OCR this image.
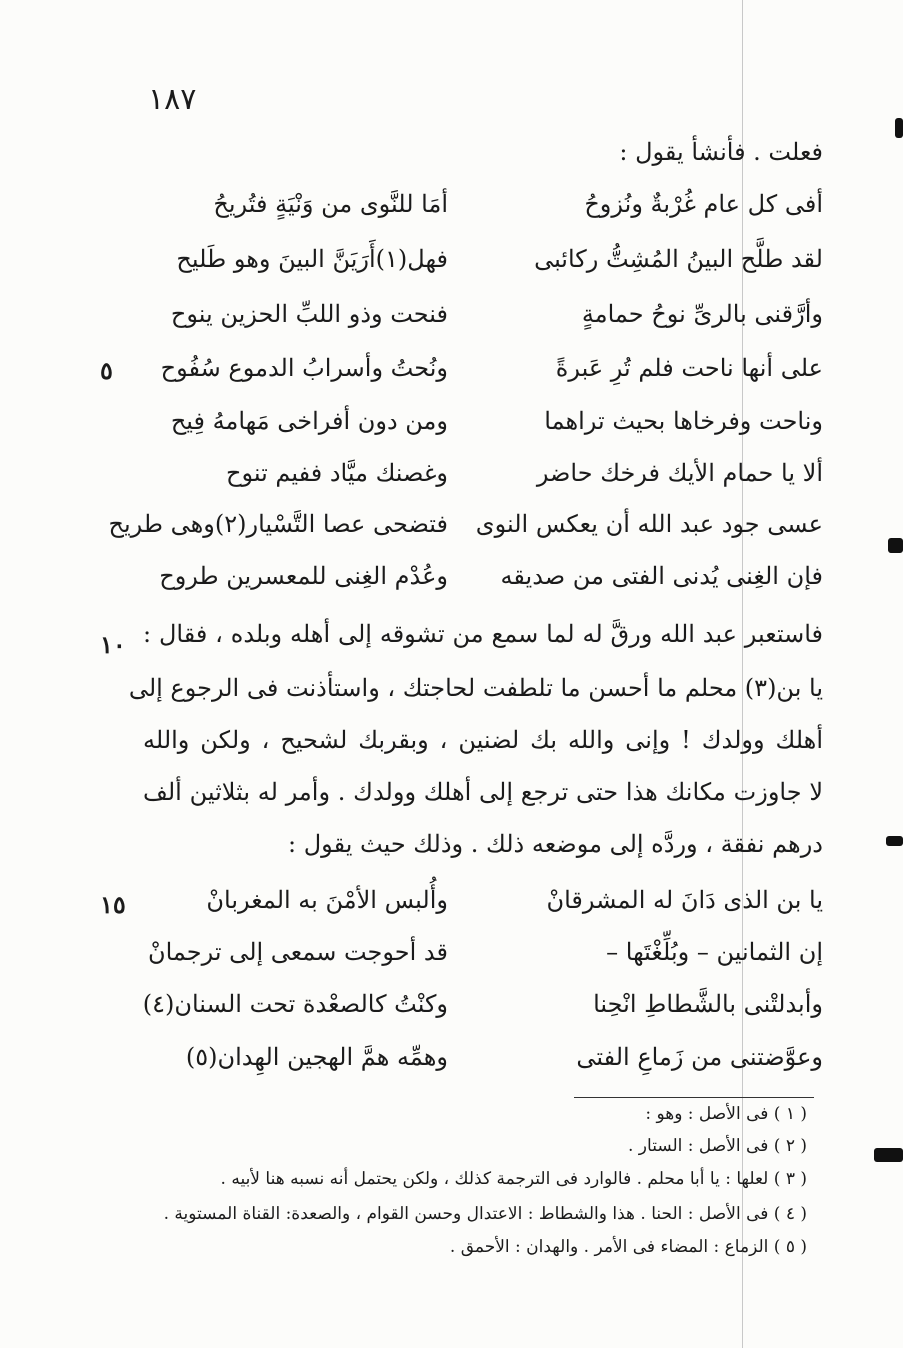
١٨٧
فعلت . فأنشأ يقول :
أفى كل عام غُرْبةٌ ونُزوحُ
أمَا للنَّوى من وَنْيَةٍ فتُريحُ
لقد طلَّح البينُ المُشِتُّ ركائبى
فهل(١)أَرَيَنَّ البينَ وهو طَليح
وأرَّقنى بالرىِّ نوحُ حمامةٍ
فنحت وذو اللبِّ الحزين ينوح
على أنها ناحت فلم تُرِ عَبرةً
ونُحتُ وأسرابُ الدموع سُفُوح
٥
وناحت وفرخاها بحيث تراهما
ومن دون أفراخى مَهامهُ فِيح
ألا يا حمام الأيك فرخك حاضر
وغصنك ميَّاد ففيم تنوح
عسى جود عبد الله أن يعكس النوى
فتضحى عصا التَّسْيار(٢)وهى طريح
فإن الغِنى يُدنى الفتى من صديقه
وعُدْم الغِنى للمعسرين طروح
فاستعبر عبد الله ورقَّ له لما سمع من تشوقه إلى أهله وبلده ، فقال :
١٠
يا بن(٣) محلم ما أحسن ما تلطفت لحاجتك ، واستأذنت فى الرجوع إلى
أهلك وولدك ! وإنى والله بك لضنين ، وبقربك لشحيح ، ولكن والله
لا جاوزت مكانك هذا حتى ترجع إلى أهلك وولدك . وأمر له بثلاثين ألف
درهم نفقة ، وردَّه إلى موضعه ذلك . وذلك حيث يقول :
يا بن الذى دَانَ له المشرقانْ
وأُلبس الأمْنَ به المغربانْ
١٥
إن الثمانين – وبُلِّغْتَها –
قد أحوجت سمعى إلى ترجمانْ
وأبدلتْنى بالشَّطاطِ انْحِنا
وكنْتُ كالصعْدة تحت السنان(٤)
وعوَّضتنى من زَماعِ الفتى
وهمِّه همَّ الهجين الهِدان(٥)
( ١ ) فى الأصل : وهو :
( ٢ ) فى الأصل : الستار .
( ٣ ) لعلها : يا أبا محلم . فالوارد فى الترجمة كذلك ، ولكن يحتمل أنه نسبه هنا لأبيه .
( ٤ ) فى الأصل : الحنا . هذا والشطاط : الاعتدال وحسن القوام ، والصعدة: القناة المستوية .
( ٥ ) الزماع : المضاء فى الأمر . والهدان : الأحمق .
